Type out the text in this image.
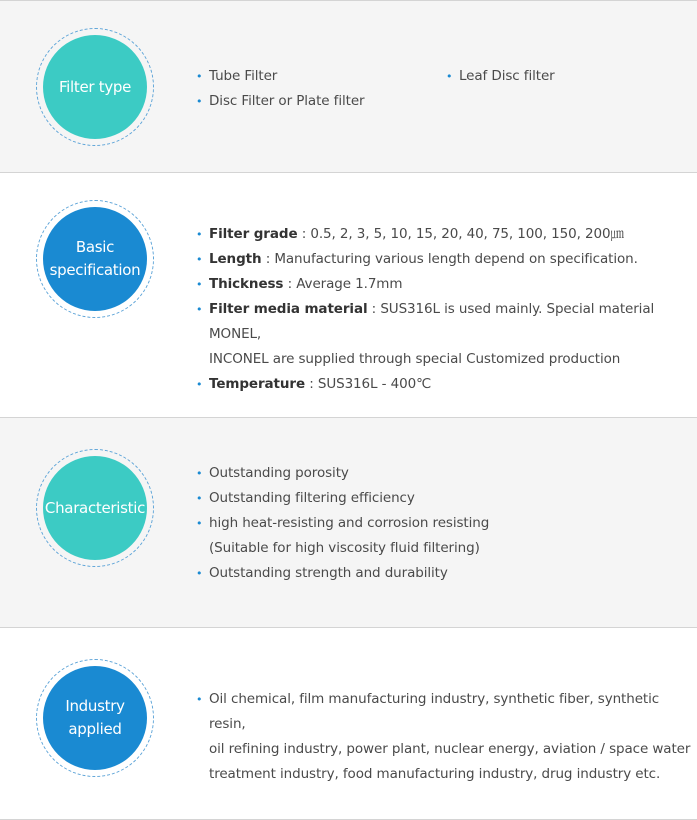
Filter type
• Tube Filter
• Disc Filter or Plate filter
• Leaf Disc filter
Basic
specification
• Filter grade : 0.5, 2, 3, 5, 10, 15, 20, 40, 75, 100, 150, 200㎛
• Length : Manufacturing various length depend on specification.
• Thickness : Average 1.7mm
• Filter media material : SUS316L is used mainly. Special material MONEL,
INCONEL are supplied through special Customized production
• Temperature : SUS316L - 400℃
Characteristic
• Outstanding porosity
• Outstanding filtering efficiency
• high heat-resisting and corrosion resisting
(Suitable for high viscosity fluid filtering)
• Outstanding strength and durability
Industry
applied
• Oil chemical, film manufacturing industry, synthetic fiber, synthetic resin,
oil refining industry, power plant, nuclear energy, aviation / space water
treatment industry, food manufacturing industry, drug industry etc.
